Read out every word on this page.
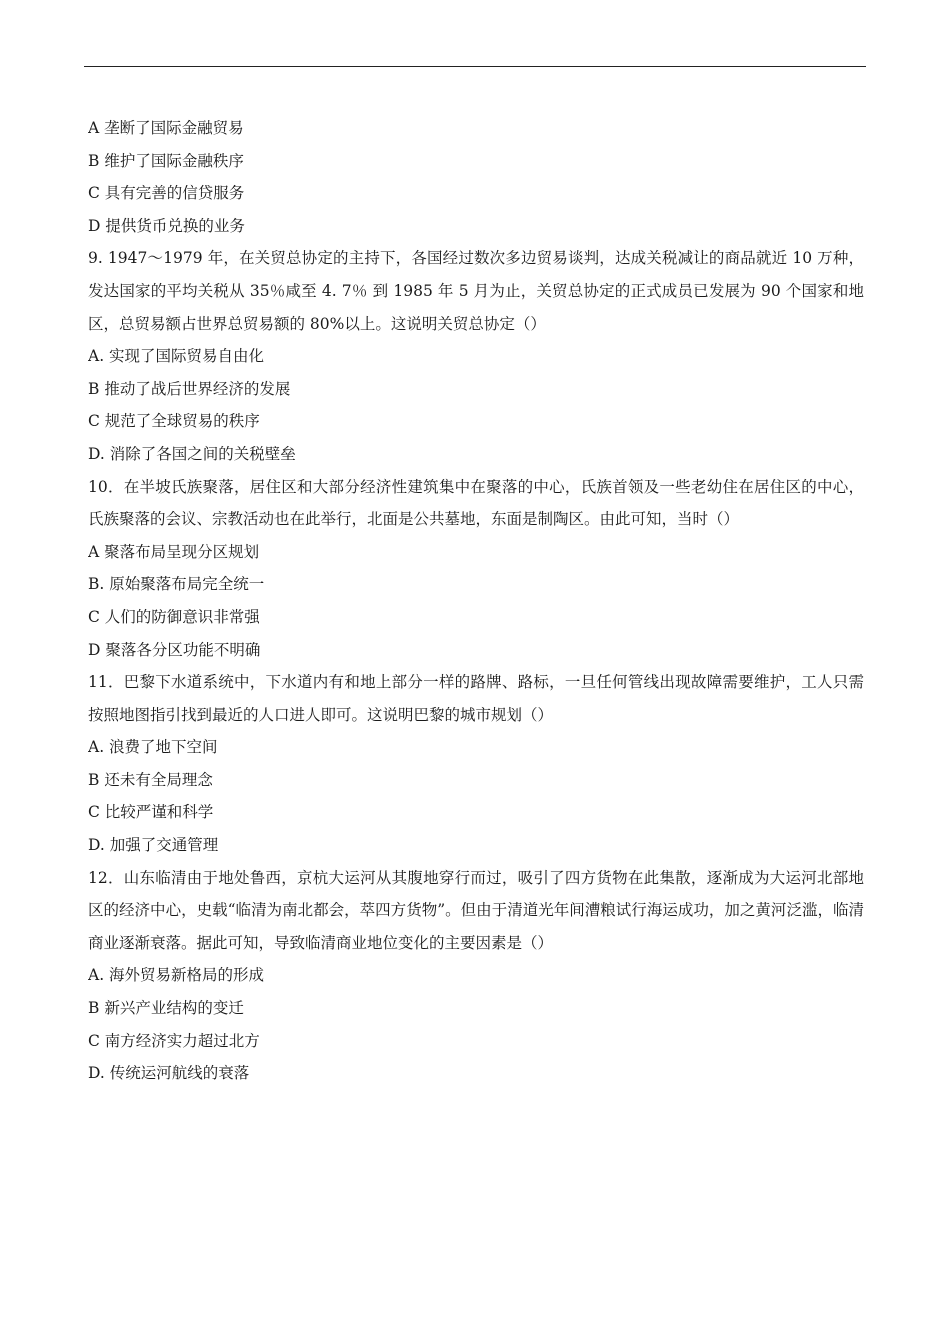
A 垄断了国际金融贸易
B 维护了国际金融秩序
C 具有完善的信贷服务
D 提供货币兑换的业务
9. 1947～1979 年，在关贸总协定的主持下，各国经过数次多边贸易谈判，达成关税减让的商品就近 10 万种，发达国家的平均关税从 35％咸至 4. 7％ 到 1985 年 5 月为止，关贸总协定的正式成员已发展为 90 个国家和地区，总贸易额占世界总贸易额的 80%以上。这说明关贸总协定（）
A. 实现了国际贸易自由化
B 推动了战后世界经济的发展
C 规范了全球贸易的秩序
D. 消除了各国之间的关税壁垒
10．在半坡氏族聚落，居住区和大部分经济性建筑集中在聚落的中心，氏族首领及一些老幼住在居住区的中心，氏族聚落的会议、宗教活动也在此举行，北面是公共墓地，东面是制陶区。由此可知，当时（）
A 聚落布局呈现分区规划
B. 原始聚落布局完全统一
C 人们的防御意识非常强
D 聚落各分区功能不明确
11．巴黎下水道系统中，下水道内有和地上部分一样的路牌、路标，一旦任何管线出现故障需要维护，工人只需按照地图指引找到最近的人口进人即可。这说明巴黎的城市规划（）
A. 浪费了地下空间
B 还未有全局理念
C 比较严谨和科学
D. 加强了交通管理
12．山东临清由于地处鲁西，京杭大运河从其腹地穿行而过，吸引了四方货物在此集散，逐渐成为大运河北部地区的经济中心，史载“临清为南北都会，萃四方货物”。但由于清道光年间漕粮试行海运成功，加之黄河泛滥，临清商业逐渐衰落。据此可知，导致临清商业地位变化的主要因素是（）
A. 海外贸易新格局的形成
B 新兴产业结构的变迁
C 南方经济实力超过北方
D. 传统运河航线的衰落
